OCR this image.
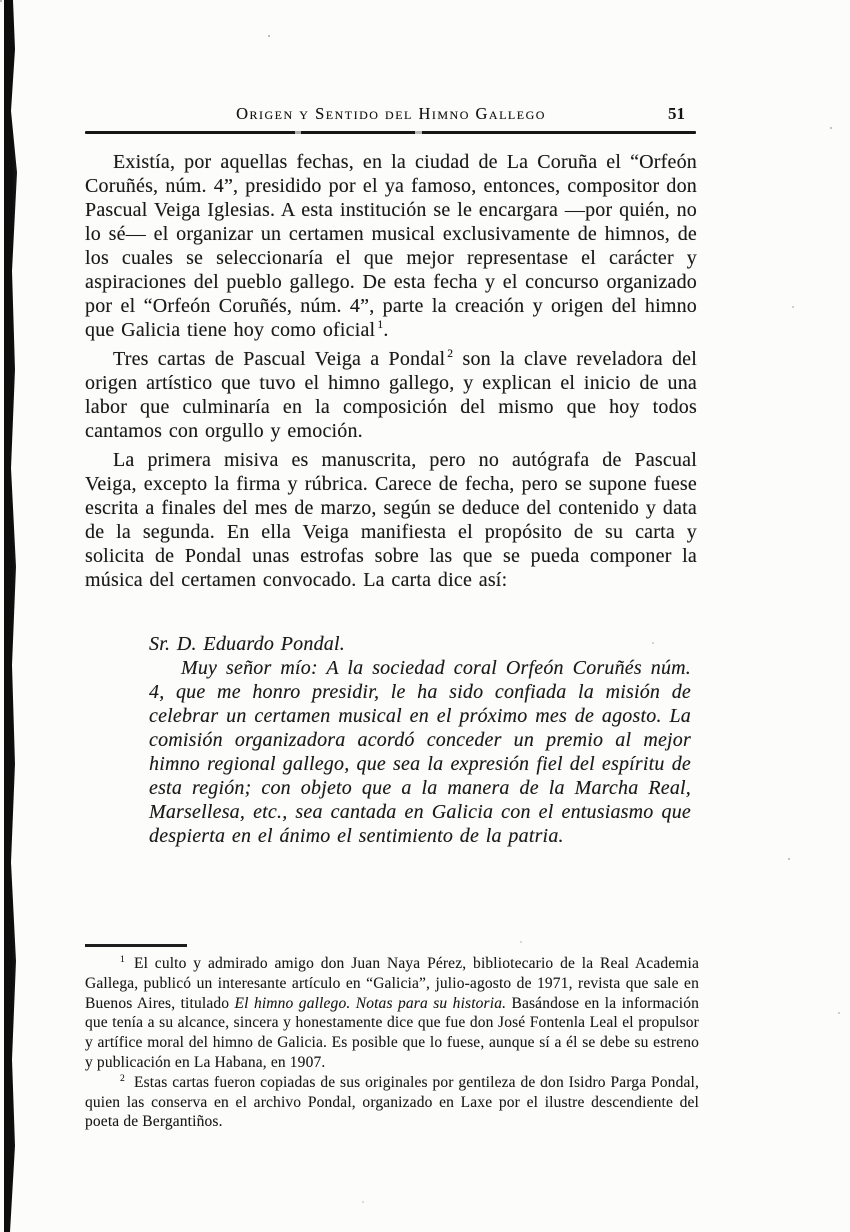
Origen y Sentido del Himno Gallego	51

Existía, por aquellas fechas, en la ciudad de La Coruña el “Orfeón Coruñés, núm. 4”, presidido por el ya famoso, entonces, compositor don Pascual Veiga Iglesias. A esta institución se le encargara —por quién, no lo sé— el organizar un certamen musical exclusivamente de himnos, de los cuales se seleccionaría el que mejor representase el carácter y aspiraciones del pueblo gallego. De esta fecha y el concurso organizado por el “Orfeón Coruñés, núm. 4”, parte la creación y origen del himno que Galicia tiene hoy como oficial $^1$.

Tres cartas de Pascual Veiga a Pondal $^2$ son la clave reveladora del origen artístico que tuvo el himno gallego, y explican el inicio de una labor que culminaría en la composición del mismo que hoy todos cantamos con orgullo y emoción.

La primera misiva es manuscrita, pero no autógrafa de Pascual Veiga, excepto la firma y rúbrica. Carece de fecha, pero se supone fuese escrita a finales del mes de marzo, según se deduce del contenido y data de la segunda. En ella Veiga manifiesta el propósito de su carta y solicita de Pondal unas estrofas sobre las que se pueda componer la música del certamen convocado. La carta dice así:

Sr. D. Eduardo Pondal.

Muy señor mío: A la sociedad coral Orfeón Coruñés núm. 4, que me honro presidir, le ha sido confiada la misión de celebrar un certamen musical en el próximo mes de agosto. La comisión organizadora acordó conceder un premio al mejor himno regional gallego, que sea la expresión fiel del espíritu de esta región; con objeto que a la manera de la Marcha Real, Marsellesa, etc., sea cantada en Galicia con el entusiasmo que despierta en el ánimo el sentimiento de la patria.

$^1$ El culto y admirado amigo don Juan Naya Pérez, bibliotecario de la Real Academia Gallega, publicó un interesante artículo en “Galicia”, julio-agosto de 1971, revista que sale en Buenos Aires, titulado El himno gallego. Notas para su historia. Basándose en la información que tenía a su alcance, sincera y honestamente dice que fue don José Fontenla Leal el propulsor y artífice moral del himno de Galicia. Es posible que lo fuese, aunque sí a él se debe su estreno y publicación en La Habana, en 1907.

$^2$ Estas cartas fueron copiadas de sus originales por gentileza de don Isidro Parga Pondal, quien las conserva en el archivo Pondal, organizado en Laxe por el ilustre descendiente del poeta de Bergantiños.
